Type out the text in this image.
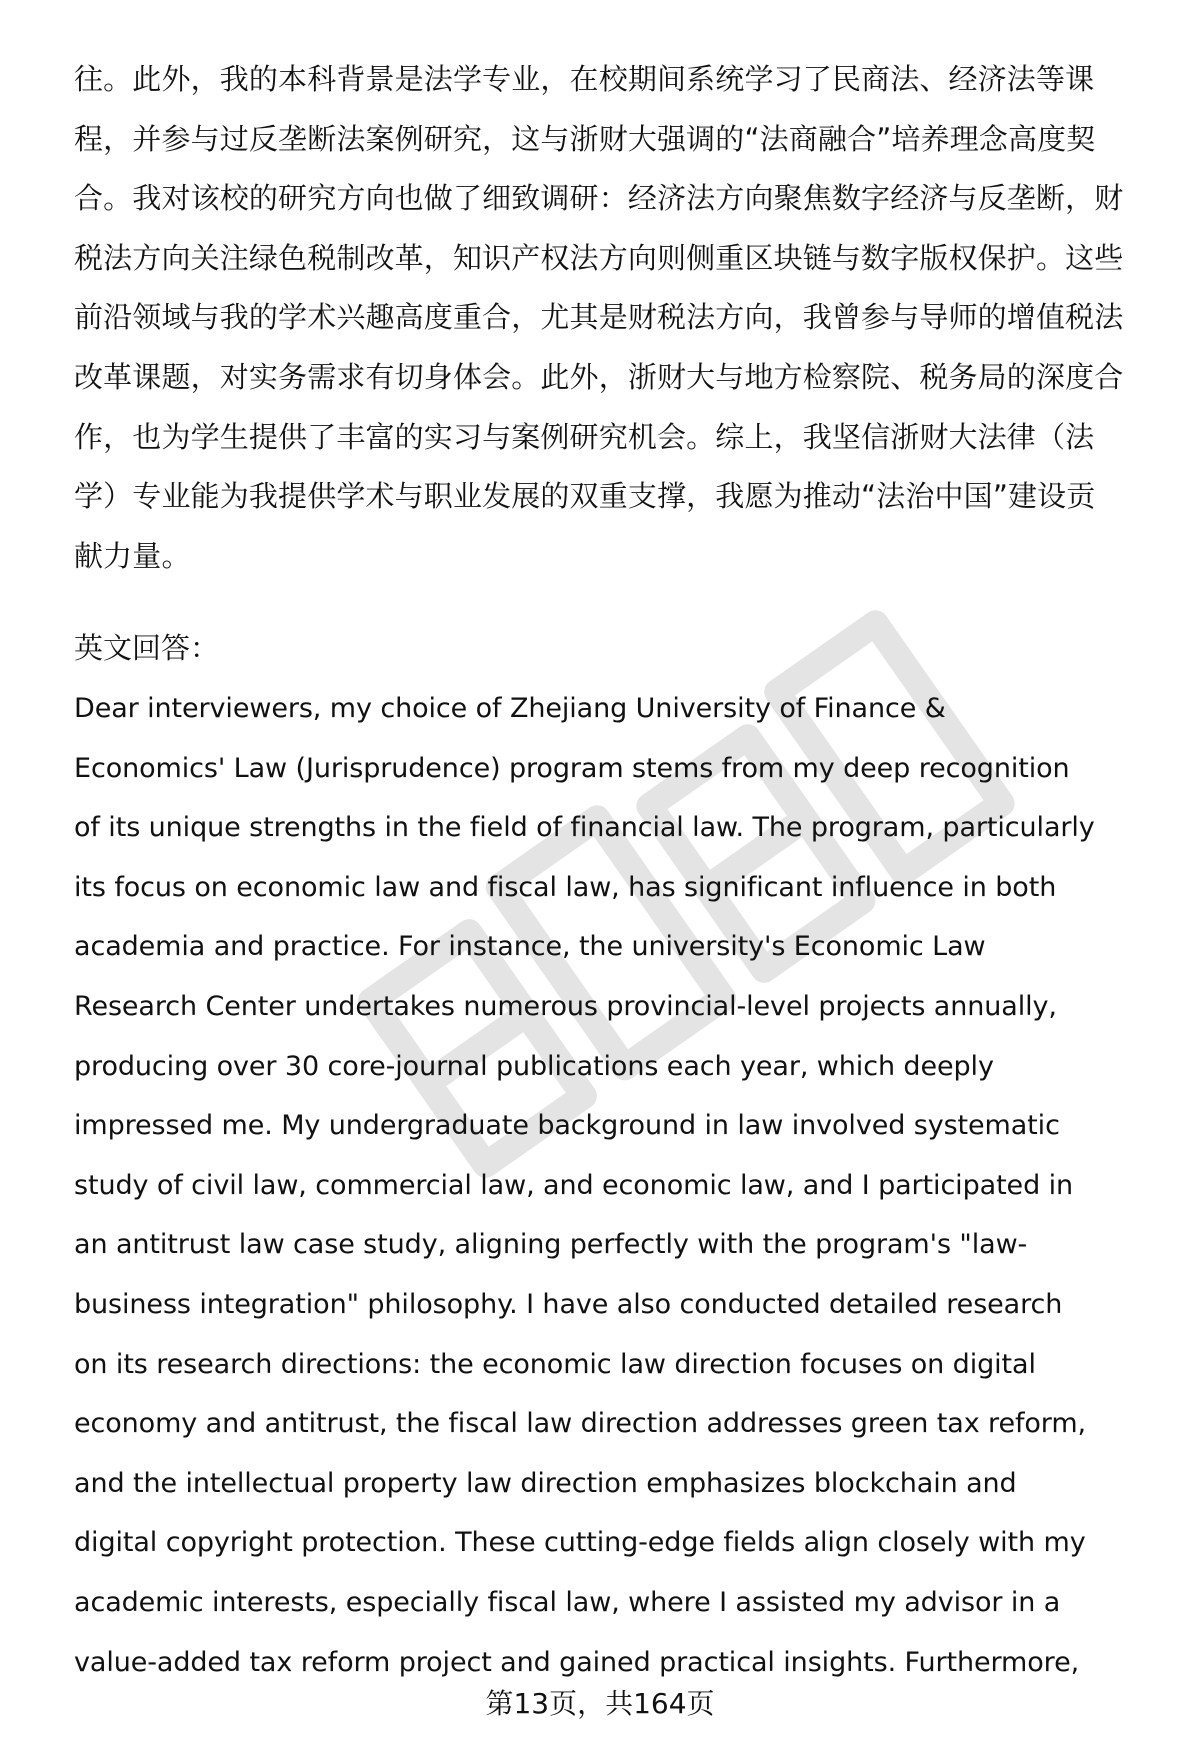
往。此外，我的本科背景是法学专业，在校期间系统学习了民商法、经济法等课
程，并参与过反垄断法案例研究，这与浙财大强调的“法商融合”培养理念高度契
合。我对该校的研究方向也做了细致调研：经济法方向聚焦数字经济与反垄断，财
税法方向关注绿色税制改革，知识产权法方向则侧重区块链与数字版权保护。这些
前沿领域与我的学术兴趣高度重合，尤其是财税法方向，我曾参与导师的增值税法
改革课题，对实务需求有切身体会。此外，浙财大与地方检察院、税务局的深度合
作，也为学生提供了丰富的实习与案例研究机会。综上，我坚信浙财大法律（法
学）专业能为我提供学术与职业发展的双重支撑，我愿为推动“法治中国”建设贡
献力量。
英文回答：
Dear interviewers, my choice of Zhejiang University of Finance &
Economics' Law (Jurisprudence) program stems from my deep recognition
of its unique strengths in the field of financial law. The program, particularly
its focus on economic law and fiscal law, has significant influence in both
academia and practice. For instance, the university's Economic Law
Research Center undertakes numerous provincial-level projects annually,
producing over 30 core-journal publications each year, which deeply
impressed me. My undergraduate background in law involved systematic
study of civil law, commercial law, and economic law, and I participated in
an antitrust law case study, aligning perfectly with the program's "law-
business integration" philosophy. I have also conducted detailed research
on its research directions: the economic law direction focuses on digital
economy and antitrust, the fiscal law direction addresses green tax reform,
and the intellectual property law direction emphasizes blockchain and
digital copyright protection. These cutting-edge fields align closely with my
academic interests, especially fiscal law, where I assisted my advisor in a
value-added tax reform project and gained practical insights. Furthermore,
第13页，共164页
